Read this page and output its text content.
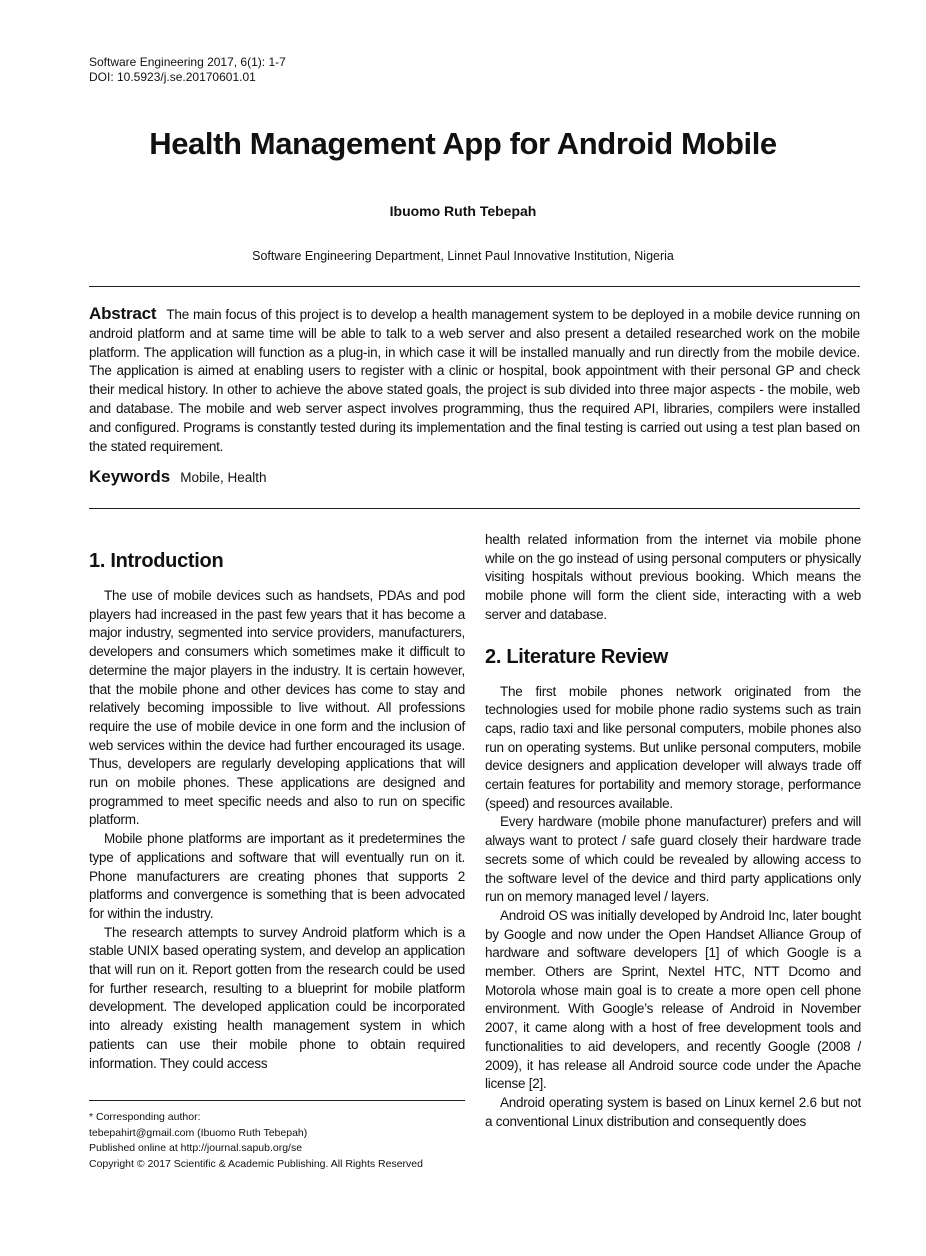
Software Engineering 2017, 6(1): 1-7
DOI: 10.5923/j.se.20170601.01
Health Management App for Android Mobile
Ibuomo Ruth Tebepah
Software Engineering Department, Linnet Paul Innovative Institution, Nigeria
Abstract The main focus of this project is to develop a health management system to be deployed in a mobile device running on android platform and at same time will be able to talk to a web server and also present a detailed researched work on the mobile platform. The application will function as a plug-in, in which case it will be installed manually and run directly from the mobile device. The application is aimed at enabling users to register with a clinic or hospital, book appointment with their personal GP and check their medical history. In other to achieve the above stated goals, the project is sub divided into three major aspects - the mobile, web and database. The mobile and web server aspect involves programming, thus the required API, libraries, compilers were installed and configured. Programs is constantly tested during its implementation and the final testing is carried out using a test plan based on the stated requirement.
Keywords Mobile, Health
1. Introduction

The use of mobile devices such as handsets, PDAs and pod players had increased in the past few years that it has become a major industry, segmented into service providers, manufacturers, developers and consumers which sometimes make it difficult to determine the major players in the industry. It is certain however, that the mobile phone and other devices has come to stay and relatively becoming impossible to live without. All professions require the use of mobile device in one form and the inclusion of web services within the device had further encouraged its usage. Thus, developers are regularly developing applications that will run on mobile phones. These applications are designed and programmed to meet specific needs and also to run on specific platform.

Mobile phone platforms are important as it predetermines the type of applications and software that will eventually run on it. Phone manufacturers are creating phones that supports 2 platforms and convergence is something that is been advocated for within the industry.

The research attempts to survey Android platform which is a stable UNIX based operating system, and develop an application that will run on it. Report gotten from the research could be used for further research, resulting to a blueprint for mobile platform development. The developed application could be incorporated into already existing health management system in which patients can use their mobile phone to obtain required information. They could access

* Corresponding author:
tebepahirt@gmail.com (Ibuomo Ruth Tebepah)
Published online at http://journal.sapub.org/se
Copyright © 2017 Scientific & Academic Publishing. All Rights Reserved

health related information from the internet via mobile phone while on the go instead of using personal computers or physically visiting hospitals without previous booking. Which means the mobile phone will form the client side, interacting with a web server and database.

2. Literature Review

The first mobile phones network originated from the technologies used for mobile phone radio systems such as train caps, radio taxi and like personal computers, mobile phones also run on operating systems. But unlike personal computers, mobile device designers and application developer will always trade off certain features for portability and memory storage, performance (speed) and resources available.

Every hardware (mobile phone manufacturer) prefers and will always want to protect / safe guard closely their hardware trade secrets some of which could be revealed by allowing access to the software level of the device and third party applications only run on memory managed level / layers.

Android OS was initially developed by Android Inc, later bought by Google and now under the Open Handset Alliance Group of hardware and software developers [1] of which Google is a member. Others are Sprint, Nextel HTC, NTT Dcomo and Motorola whose main goal is to create a more open cell phone environment. With Google’s release of Android in November 2007, it came along with a host of free development tools and functionalities to aid developers, and recently Google (2008 / 2009), it has release all Android source code under the Apache license [2].

Android operating system is based on Linux kernel 2.6 but not a conventional Linux distribution and consequently does
